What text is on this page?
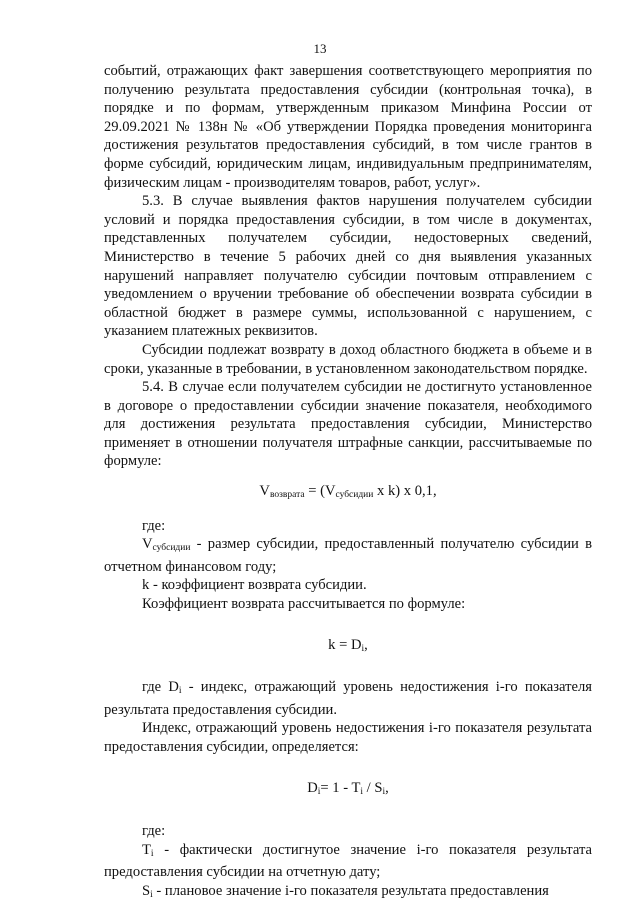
13

событий, отражающих факт завершения соответствующего мероприятия по получению результата предоставления субсидии (контрольная точка), в порядке и по формам, утвержденным приказом Минфина России от 29.09.2021 № 138н № «Об утверждении Порядка проведения мониторинга достижения результатов предоставления субсидий, в том числе грантов в форме субсидий, юридическим лицам, индивидуальным предпринимателям, физическим лицам - производителям товаров, работ, услуг».

5.3. В случае выявления фактов нарушения получателем субсидии условий и порядка предоставления субсидии, в том числе в документах, представленных получателем субсидии, недостоверных сведений, Министерство в течение 5 рабочих дней со дня выявления указанных нарушений направляет получателю субсидии почтовым отправлением с уведомлением о вручении требование об обеспечении возврата субсидии в областной бюджет в размере суммы, использованной с нарушением, с указанием платежных реквизитов.

Субсидии подлежат возврату в доход областного бюджета в объеме и в сроки, указанные в требовании, в установленном законодательством порядке.

5.4. В случае если получателем субсидии не достигнуто установленное в договоре о предоставлении субсидии значение показателя, необходимого для достижения результата предоставления субсидии, Министерство применяет в отношении получателя штрафные санкции, рассчитываемые по формуле:

$V_{возврата} = (V_{субсидии}$ x k) x 0,1,

где:

$V_{субсидии}$ - размер субсидии, предоставленный получателю субсидии в отчетном финансовом году;

k - коэффициент возврата субсидии.

Коэффициент возврата рассчитывается по формуле:

$k = D_i$,

где $D_i$ - индекс, отражающий уровень недостижения i-го показателя результата предоставления субсидии.

Индекс, отражающий уровень недостижения i-го показателя результата предоставления субсидии, определяется:

$D_i= 1 - T_i / S_i$,

где:

$T_i$ - фактически достигнутое значение i-го показателя результата предоставления субсидии на отчетную дату;

$S_i$ - плановое значение i-го показателя результата предоставления
